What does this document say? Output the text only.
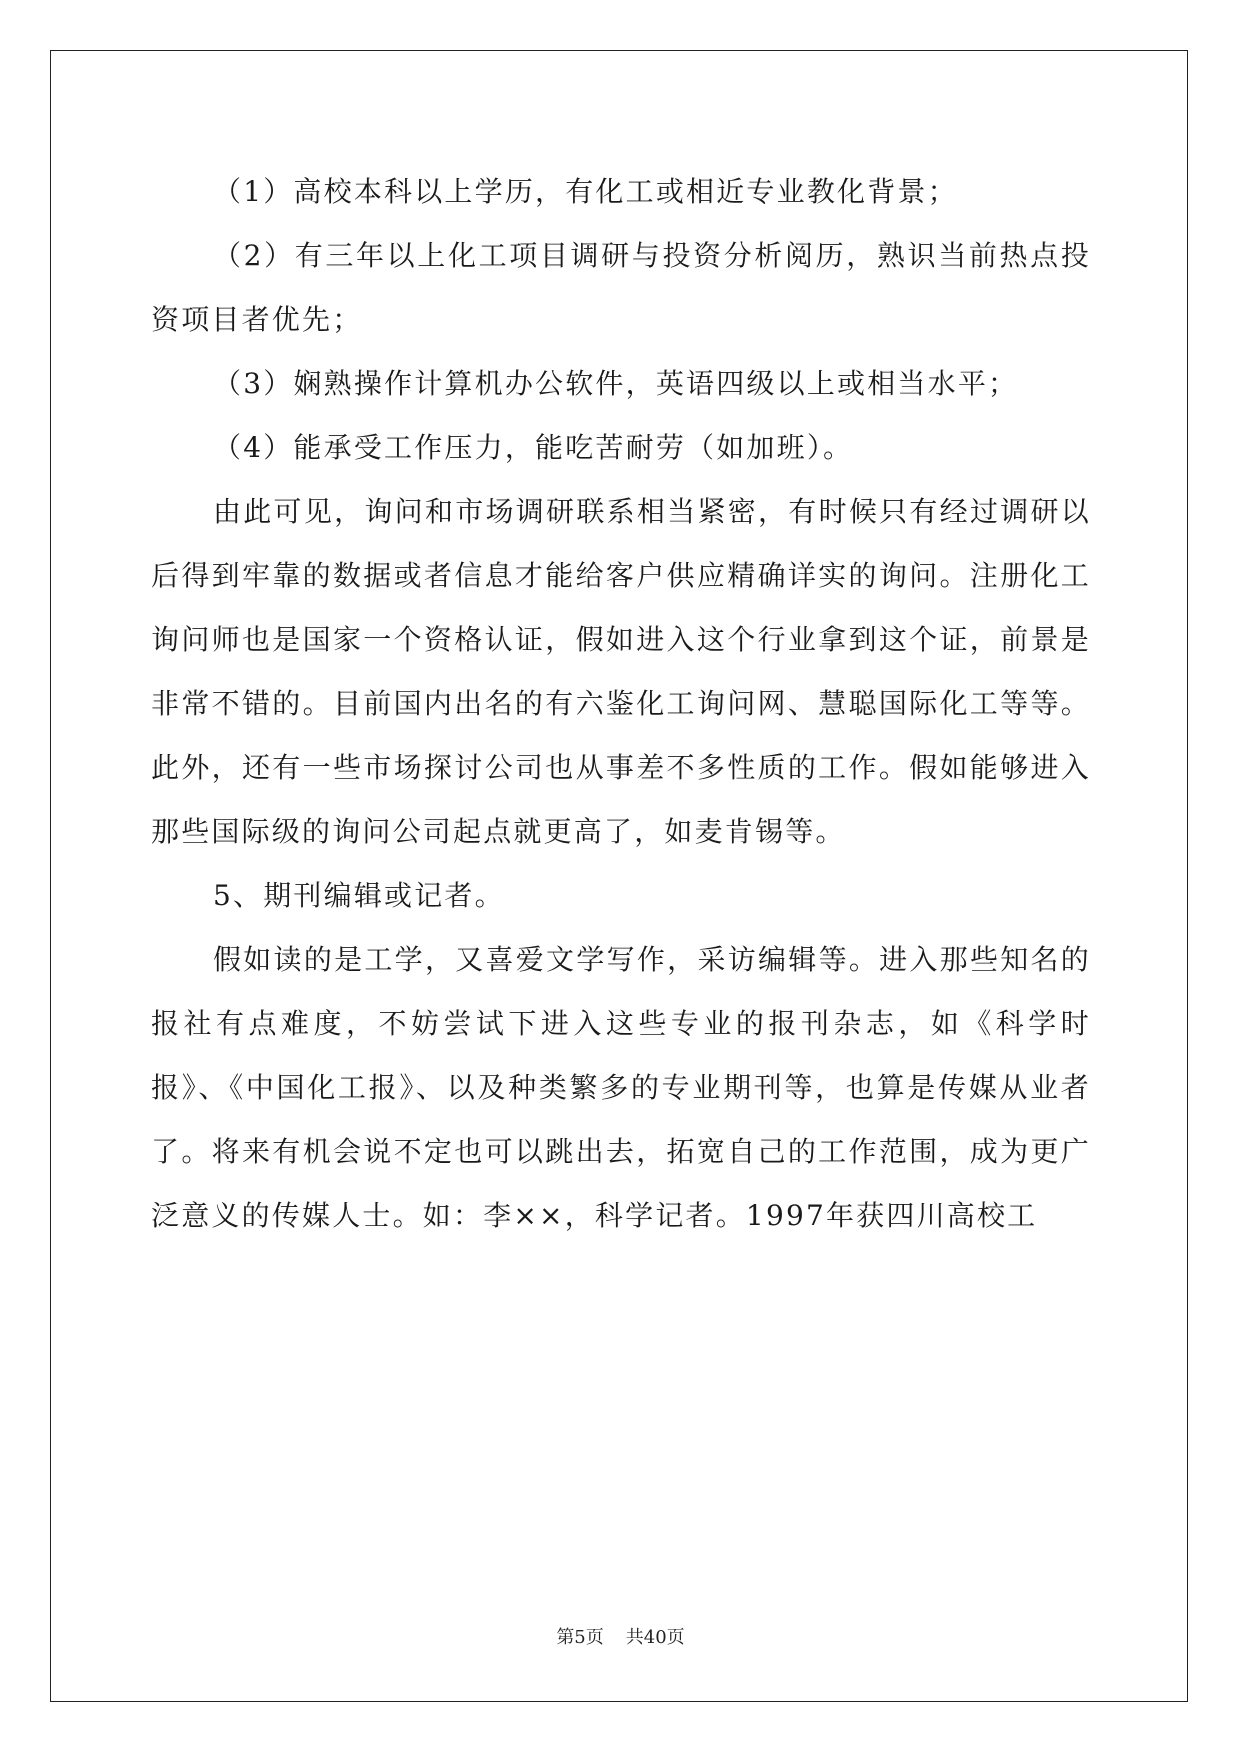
（1）高校本科以上学历，有化工或相近专业教化背景；

（2）有三年以上化工项目调研与投资分析阅历，熟识当前热点投资项目者优先；

（3）娴熟操作计算机办公软件，英语四级以上或相当水平；

（4）能承受工作压力，能吃苦耐劳（如加班）。

由此可见，询问和市场调研联系相当紧密，有时候只有经过调研以后得到牢靠的数据或者信息才能给客户供应精确详实的询问。注册化工询问师也是国家一个资格认证，假如进入这个行业拿到这个证，前景是非常不错的。目前国内出名的有六鉴化工询问网、慧聪国际化工等等。此外，还有一些市场探讨公司也从事差不多性质的工作。假如能够进入那些国际级的询问公司起点就更高了，如麦肯锡等。

5、期刊编辑或记者。

假如读的是工学，又喜爱文学写作，采访编辑等。进入那些知名的报社有点难度，不妨尝试下进入这些专业的报刊杂志，如《科学时报》、《中国化工报》、以及种类繁多的专业期刊等，也算是传媒从业者了。将来有机会说不定也可以跳出去，拓宽自己的工作范围，成为更广泛意义的传媒人士。如：李××，科学记者。1997年获四川高校工

第5页 共40页
